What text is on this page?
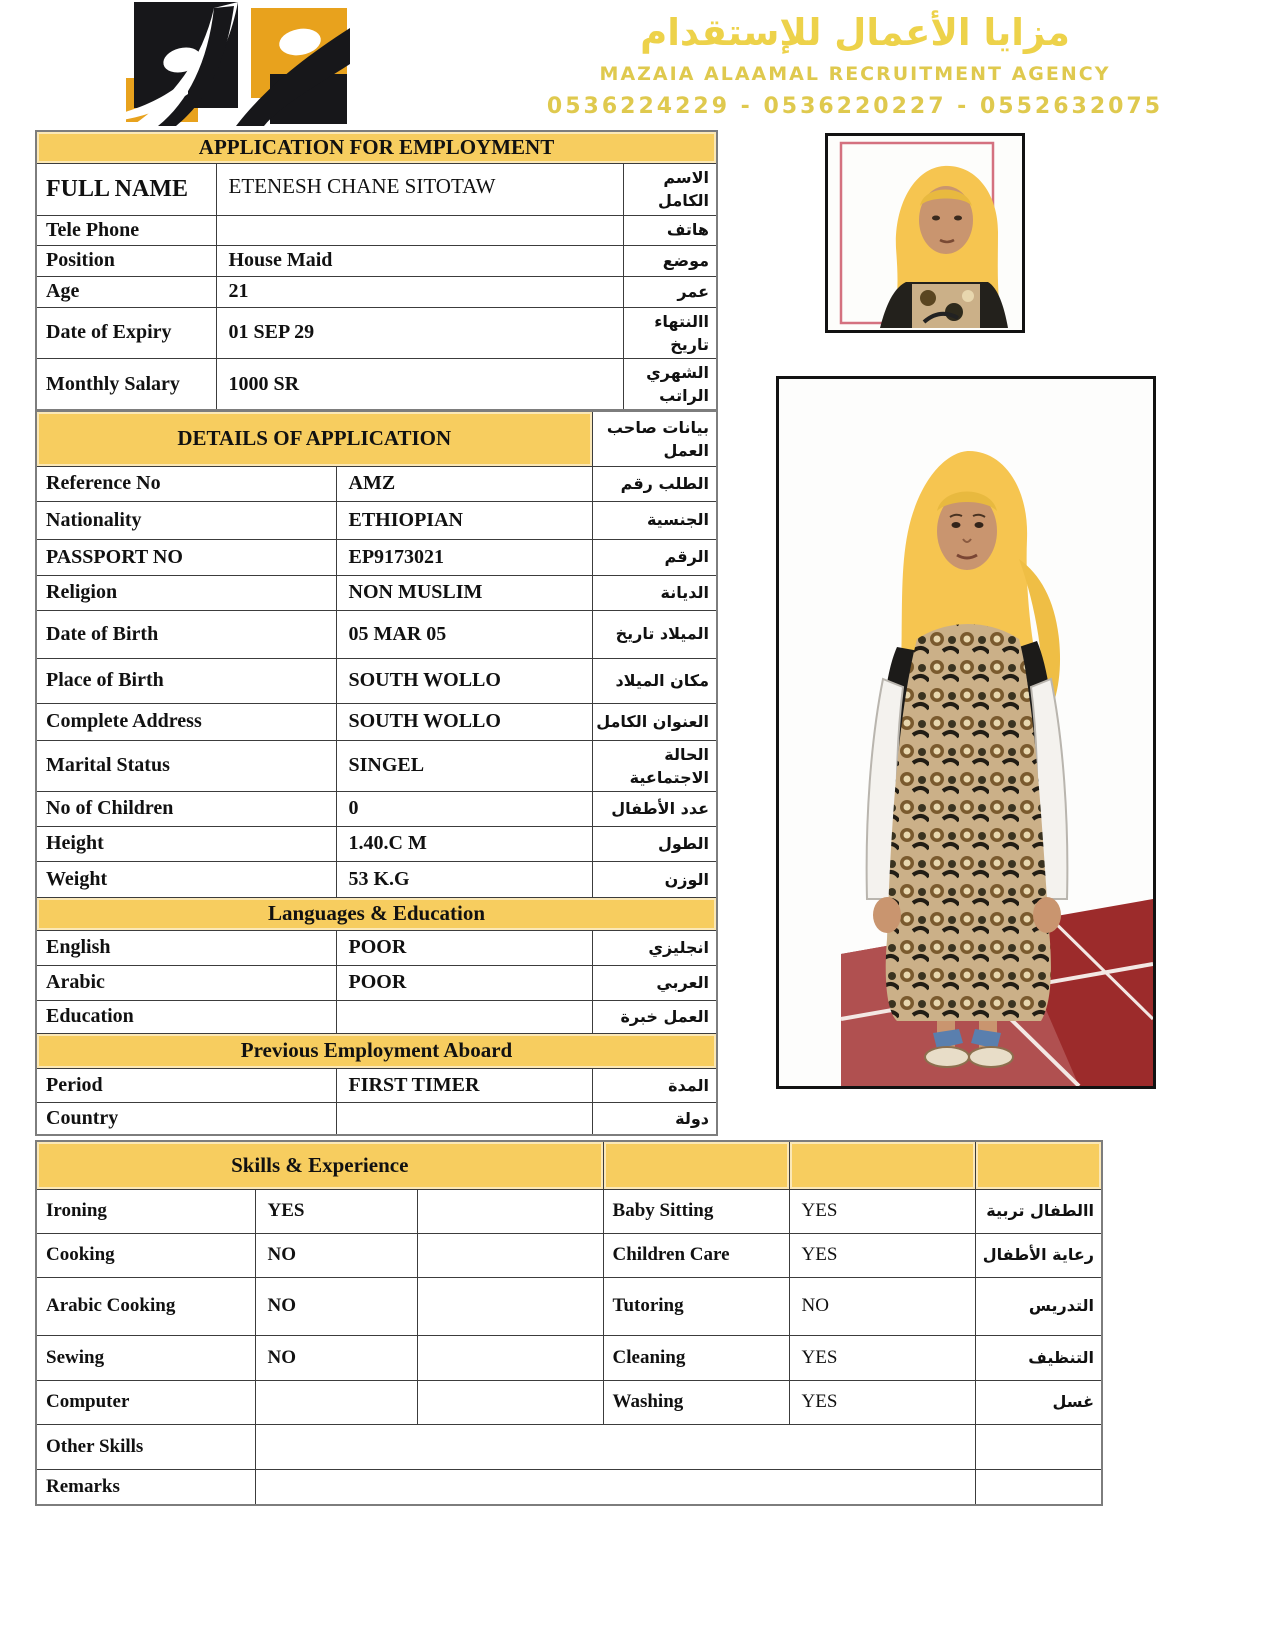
مزايا الأعمال للإستقدام
MAZAIA ALAAMAL RECRUITMENT AGENCY
0536224229 - 0536220227 - 0552632075
APPLICATION FOR EMPLOYMENT		
FULL NAME	ETENESH CHANE SITOTAW	الاسم الكامل
Tele Phone		هاتف
Position	House Maid	موضع
Age	21	عمر
Date of Expiry	01 SEP 29	االنتهاء تاريخ
Monthly Salary	1000 SR	الشهري الراتب
DETAILS OF APPLICATION		بيانات صاحب العمل
Reference No	AMZ	الطلب رقم
Nationality	ETHIOPIAN	الجنسية
PASSPORT NO	EP9173021	الرقم
Religion	NON MUSLIM	الديانة
Date of Birth	05 MAR 05	الميلاد تاريخ
Place of Birth	SOUTH WOLLO	مكان الميلاد
Complete Address	SOUTH WOLLO	العنوان الكامل
Marital Status	SINGEL	الحالة الاجتماعية
No of Children	0	عدد الأطفال
Height	1.40.C M	الطول
Weight	53 K.G	الوزن
Languages & Education		
English	POOR	انجليزي
Arabic	POOR	العربي
Education		العمل خبرة
Previous Employment Aboard		
Period	FIRST TIMER	المدة
Country		دولة
Skills & Experience					
Ironing	YES		Baby Sitting	YES	االطفال تربية
Cooking	NO		Children Care	YES	رعاية الأطفال
Arabic Cooking	NO		Tutoring	NO	التدريس
Sewing	NO		Cleaning	YES	التنظيف
Computer			Washing	YES	غسل
Other Skills					
Remarks					
